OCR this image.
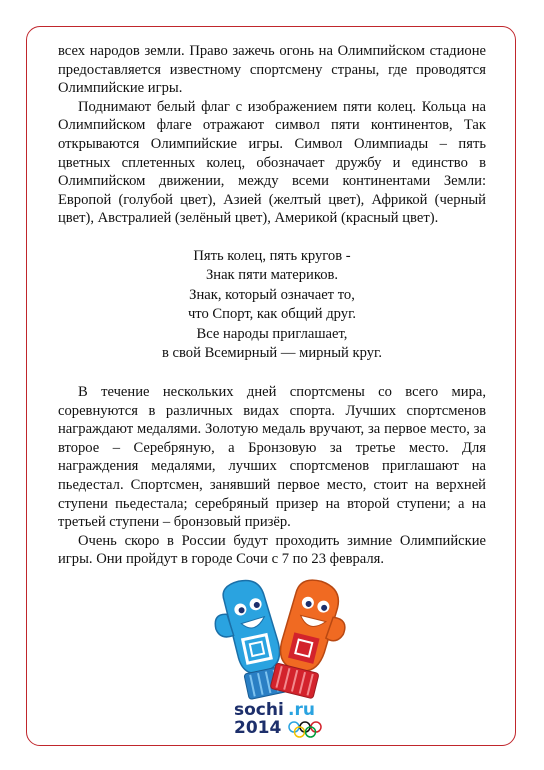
всех народов земли. Право зажечь огонь на Олимпийском стадионе предоставляется известному спортсмену страны, где проводятся Олимпийские игры.

Поднимают белый флаг с изображением пяти колец. Кольца на Олимпийском флаге отражают символ пяти континентов, Так открываются Олимпийские игры. Символ Олимпиады – пять цветных сплетенных колец, обозначает дружбу и единство в Олимпийском движении, между всеми континентами Земли: Европой (голубой цвет), Азией (желтый цвет), Африкой (черный цвет), Австралией (зелёный цвет), Америкой (красный цвет).

Пять колец, пять кругов -
Знак пяти материков.
Знак, который означает то,
что Спорт, как общий друг.
Все народы приглашает,
в свой Всемирный — мирный круг.

В течение нескольких дней спортсмены со всего мира, соревнуются в различных видах спорта. Лучших спортсменов награждают медалями. Золотую медаль вручают, за первое место, за второе – Серебряную, а Бронзовую за третье место. Для награждения медалями, лучших спортсменов приглашают на пьедестал. Спортсмен, занявший первое место, стоит на верхней ступени пьедестала; серебряный призер на второй ступени; а на третьей ступени – бронзовый призёр.

Очень скоро в России будут проходить зимние Олимпийские игры. Они пройдут в городе Сочи с 7 по 23 февраля.

sochi .ru
2014
